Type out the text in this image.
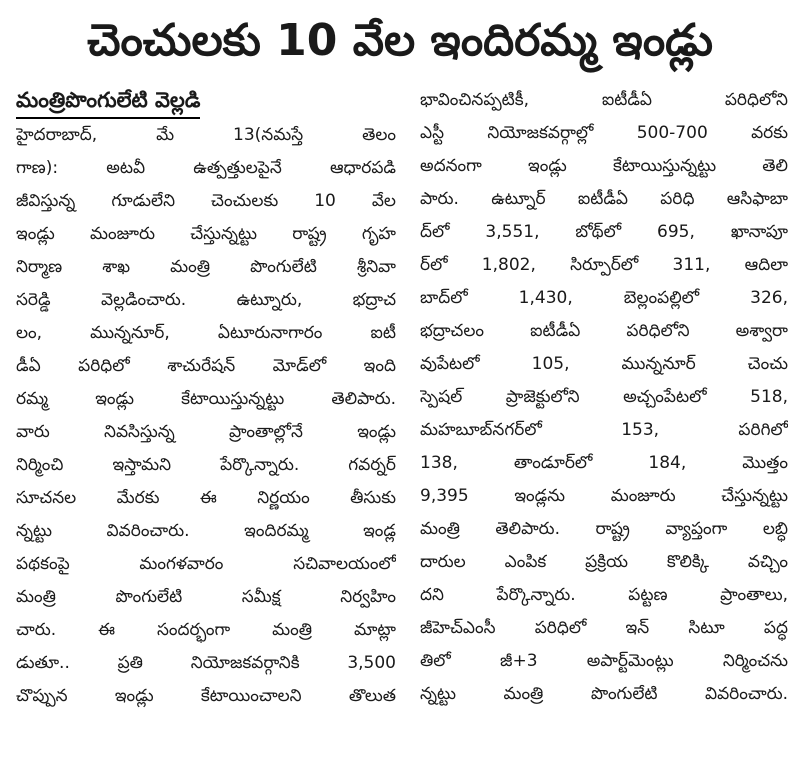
చెంచులకు 10 వేల ఇందిరమ్మ ఇండ్లు
మంత్రిపొంగులేటి వెల్లడి
హైదరాబాద్, మే 13(నమస్తే తెలం
గాణ): అటవీ ఉత్పత్తులపైనే ఆధారపడి
జీవిస్తున్న గూడులేని చెంచులకు 10 వేల
ఇండ్లు మంజూరు చేస్తున్నట్టు రాష్ట్ర గృహ
నిర్మాణ శాఖ మంత్రి పొంగులేటి శ్రీనివా
సరెడ్డి వెల్లడించారు. ఉట్నూరు, భద్రాచ
లం, మున్ననూర్, ఏటూరునాగారం ఐటీ
డీఏ పరిధిలో శాచురేషన్ మోడ్‌లో ఇంది
రమ్మ ఇండ్లు కేటాయిస్తున్నట్టు తెలిపారు.
వారు నివసిస్తున్న ప్రాంతాల్లోనే ఇండ్లు
నిర్మించి ఇస్తామని పేర్కొన్నారు. గవర్నర్
సూచనల మేరకు ఈ నిర్ణయం తీసుకు
న్నట్టు వివరించారు. ఇందిరమ్మ ఇండ్ల
పథకంపై మంగళవారం సచివాలయంలో
మంత్రి పొంగులేటి సమీక్ష నిర్వహిం
చారు. ఈ సందర్భంగా మంత్రి మాట్లా
డుతూ.. ప్రతి నియోజకవర్గానికి 3,500
చొప్పున ఇండ్లు కేటాయించాలని తొలుత
భావించినప్పటికీ, ఐటీడీఏ పరిధిలోని
ఎస్టీ నియోజకవర్గాల్లో 500-700 వరకు
అదనంగా ఇండ్లు కేటాయిస్తున్నట్టు తెలి
పారు. ఉట్నూర్ ఐటీడీఏ పరిధి ఆసిఫాబా
ద్‌లో 3,551, బోథ్‌లో 695, ఖానాపూ
ర్‌లో 1,802, సిర్పూర్‌లో 311, ఆదిలా
బాద్‌లో 1,430, బెల్లంపల్లిలో 326,
భద్రాచలం ఐటీడీఏ పరిధిలోని అశ్వారా
వుపేటలో 105, మున్ననూర్ చెంచు
స్పెషల్ ప్రాజెక్టులోని అచ్చంపేటలో 518,
మహబూబ్‌నగర్‌లో 153, పరిగిలో
138, తాండూర్‌లో 184, మొత్తం
9,395 ఇండ్లను మంజూరు చేస్తున్నట్టు
మంత్రి తెలిపారు. రాష్ట్ర వ్యాప్తంగా లబ్ధి
దారుల ఎంపిక ప్రక్రియ కొలిక్కి వచ్చిం
దని పేర్కొన్నారు. పట్టణ ప్రాంతాలు,
జీహెచ్ఎంసీ పరిధిలో ఇన్ సిటూ పద్ధ
తిలో జీ+3 అపార్ట్‌మెంట్లు నిర్మించను
న్నట్టు మంత్రి పొంగులేటి వివరించారు.
